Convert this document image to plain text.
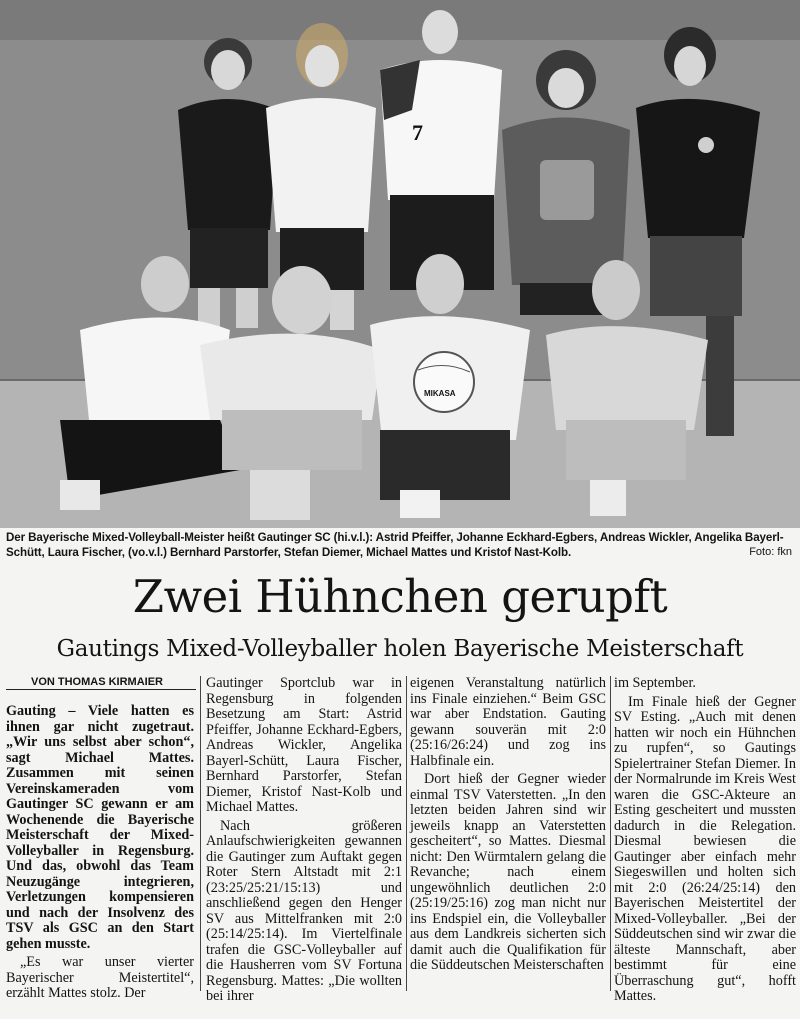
7
MIKASA
Der Bayerische Mixed-Volleyball-Meister heißt Gautinger SC (hi.v.l.): Astrid Pfeiffer, Johanne Eckhard-Egbers, Andreas Wickler, Angelika Bayerl-Schütt, Laura Fischer, (vo.v.l.) Bernhard Parstorfer, Stefan Diemer, Michael Mattes und Kristof Nast-Kolb.	Foto: fkn
Zwei Hühnchen gerupft
Gautings Mixed-Volleyballer holen Bayerische Meisterschaft
VON THOMAS KIRMAIER

Gauting – Viele hatten es ihnen gar nicht zugetraut. „Wir uns selbst aber schon“, sagt Michael Mattes. Zusammen mit seinen Vereinskameraden vom Gautinger SC gewann er am Wochenende die Bayerische Meisterschaft der Mixed-Volleyballer in Regensburg. Und das, obwohl das Team Neuzugänge integrieren, Verletzungen kompensieren und nach der Insolvenz des TSV als GSC an den Start gehen musste.

„Es war unser vierter Bayerischer Meistertitel“, erzählt Mattes stolz. Der

Gautinger Sportclub war in Regensburg in folgenden Besetzung am Start: Astrid Pfeiffer, Johanne Eckhard-Egbers, Andreas Wickler, Angelika Bayerl-Schütt, Laura Fischer, Bernhard Parstorfer, Stefan Diemer, Kristof Nast-Kolb und Michael Mattes.

Nach größeren Anlaufschwierigkeiten gewannen die Gautinger zum Auftakt gegen Roter Stern Altstadt mit 2:1 (23:25/25:21/15:13) und anschließend gegen den Henger SV aus Mittelfranken mit 2:0 (25:14/25:14). Im Viertelfinale trafen die GSC-Volleyballer auf die Hausherren vom SV Fortuna Regensburg. Mattes: „Die wollten bei ihrer

eigenen Veranstaltung natürlich ins Finale einziehen.“ Beim GSC war aber Endstation. Gauting gewann souverän mit 2:0 (25:16/26:24) und zog ins Halbfinale ein.

Dort hieß der Gegner wieder einmal TSV Vaterstetten. „In den letzten beiden Jahren sind wir jeweils knapp an Vaterstetten gescheitert“, so Mattes. Diesmal nicht: Den Würmtalern gelang die Revanche; nach einem ungewöhnlich deutlichen 2:0 (25:19/25:16) zog man nicht nur ins Endspiel ein, die Volleyballer aus dem Landkreis sicherten sich damit auch die Qualifikation für die Süddeutschen Meisterschaften

im September.

Im Finale hieß der Gegner SV Esting. „Auch mit denen hatten wir noch ein Hühnchen zu rupfen“, so Gautings Spielertrainer Stefan Diemer. In der Normalrunde im Kreis West waren die GSC-Akteure an Esting gescheitert und mussten dadurch in die Relegation. Diesmal bewiesen die Gautinger aber einfach mehr Siegeswillen und holten sich mit 2:0 (26:24/25:14) den Bayerischen Meistertitel der Mixed-Volleyballer. „Bei der Süddeutschen sind wir zwar die älteste Mannschaft, aber bestimmt für eine Überraschung gut“, hofft Mattes.
